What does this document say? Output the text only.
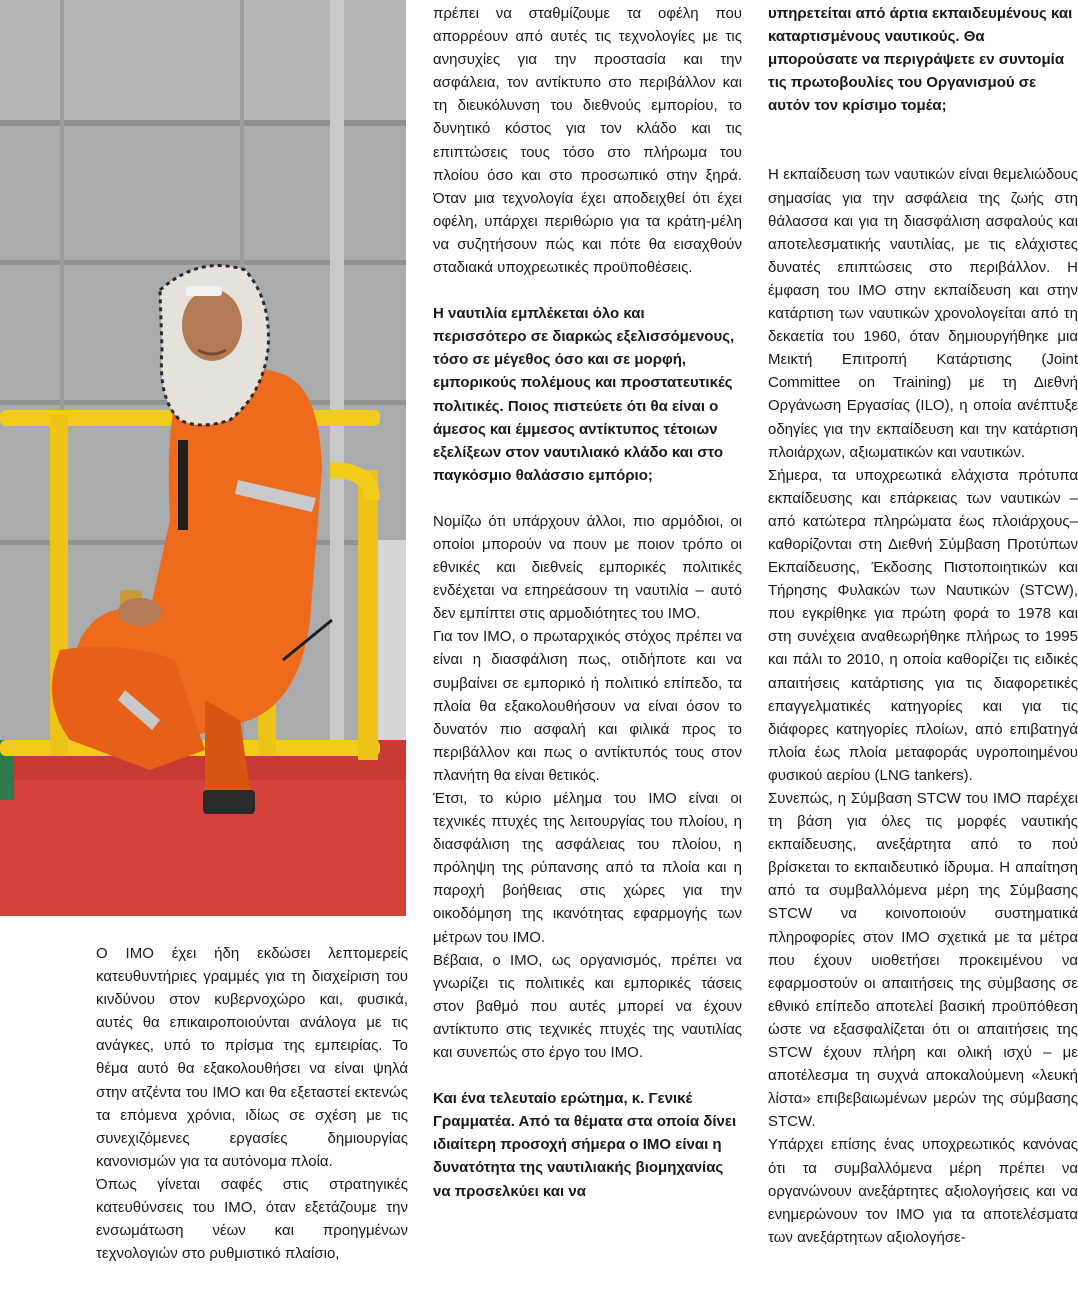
Ο IMO έχει ήδη εκδώσει λεπτομερείς κατευθυντήριες γραμμές για τη διαχείριση του κινδύνου στον κυβερνοχώρο και, φυσικά, αυτές θα επικαιροποιούνται ανάλογα με τις ανάγκες, υπό το πρίσμα της εμπειρίας. Το θέμα αυτό θα εξακολουθήσει να είναι ψηλά στην ατζέντα του IMO και θα εξεταστεί εκτενώς τα επόμενα χρόνια, ιδίως σε σχέση με τις συνεχιζόμενες εργασίες δημιουργίας κανονισμών για τα αυτόνομα πλοία.

Όπως γίνεται σαφές στις στρατηγικές κατευθύνσεις του IMO, όταν εξετάζουμε την ενσωμάτωση νέων και προηγμένων τεχνολογιών στο ρυθμιστικό πλαίσιο,

πρέπει να σταθμίζουμε τα οφέλη που απορρέουν από αυτές τις τεχνολογίες με τις ανησυχίες για την προστασία και την ασφάλεια, τον αντίκτυπο στο περιβάλλον και τη διευκόλυνση του διεθνούς εμπορίου, το δυνητικό κόστος για τον κλάδο και τις επιπτώσεις τους τόσο στο πλήρωμα του πλοίου όσο και στο προσωπικό στην ξηρά. Όταν μια τεχνολογία έχει αποδειχθεί ότι έχει οφέλη, υπάρχει περιθώριο για τα κράτη-μέλη να συζητήσουν πώς και πότε θα εισαχθούν σταδιακά υποχρεωτικές προϋποθέσεις.

Η ναυτιλία εμπλέκεται όλο και περισσότερο σε διαρκώς εξελισσόμενους, τόσο σε μέγεθος όσο και σε μορφή, εμπορικούς πολέμους και προστατευτικές πολιτικές. Ποιος πιστεύετε ότι θα είναι ο άμεσος και έμμεσος αντίκτυπος τέτοιων εξελίξεων στον ναυτιλιακό κλάδο και στο παγκόσμιο θαλάσσιο εμπόριο;

Νομίζω ότι υπάρχουν άλλοι, πιο αρμόδιοι, οι οποίοι μπορούν να πουν με ποιον τρόπο οι εθνικές και διεθνείς εμπορικές πολιτικές ενδέχεται να επηρεάσουν τη ναυτιλία – αυτό δεν εμπίπτει στις αρμοδιότητες του IMO.

Για τον IMO, ο πρωταρχικός στόχος πρέπει να είναι η διασφάλιση πως, οτιδήποτε και να συμβαίνει σε εμπορικό ή πολιτικό επίπεδο, τα πλοία θα εξακολουθήσουν να είναι όσον το δυνατόν πιο ασφαλή και φιλικά προς το περιβάλλον και πως ο αντίκτυπός τους στον πλανήτη θα είναι θετικός.

Έτσι, το κύριο μέλημα του IMO είναι οι τεχνικές πτυχές της λειτουργίας του πλοίου, η διασφάλιση της ασφάλειας του πλοίου, η πρόληψη της ρύπανσης από τα πλοία και η παροχή βοήθειας στις χώρες για την οικοδόμηση της ικανότητας εφαρμογής των μέτρων του IMO.

Βέβαια, ο IMO, ως οργανισμός, πρέπει να γνωρίζει τις πολιτικές και εμπορικές τάσεις στον βαθμό που αυτές μπορεί να έχουν αντίκτυπο στις τεχνικές πτυχές της ναυτιλίας και συνεπώς στο έργο του IMO.

Και ένα τελευταίο ερώτημα, κ. Γενικέ Γραμματέα. Από τα θέματα στα οποία δίνει ιδιαίτερη προσοχή σήμερα ο IMO είναι η δυνατότητα της ναυτιλιακής βιομηχανίας να προσελκύει και να

υπηρετείται από άρτια εκπαιδευμένους και καταρτισμένους ναυτικούς. Θα μπορούσατε να περιγράψετε εν συντομία τις πρωτοβουλίες του Οργανισμού σε αυτόν τον κρίσιμο τομέα;

Η εκπαίδευση των ναυτικών είναι θεμελιώδους σημασίας για την ασφάλεια της ζωής στη θάλασσα και για τη διασφάλιση ασφαλούς και αποτελεσματικής ναυτιλίας, με τις ελάχιστες δυνατές επιπτώσεις στο περιβάλλον. Η έμφαση του IMO στην εκπαίδευση και στην κατάρτιση των ναυτικών χρονολογείται από τη δεκαετία του 1960, όταν δημιουργήθηκε μια Μεικτή Επιτροπή Κατάρτισης (Joint Committee on Training) με τη Διεθνή Οργάνωση Εργασίας (ILO), η οποία ανέπτυξε οδηγίες για την εκπαίδευση και την κατάρτιση πλοιάρχων, αξιωματικών και ναυτικών.

Σήμερα, τα υποχρεωτικά ελάχιστα πρότυπα εκπαίδευσης και επάρκειας των ναυτικών –από κατώτερα πληρώματα έως πλοιάρχους– καθορίζονται στη Διεθνή Σύμβαση Προτύπων Εκπαίδευσης, Έκδοσης Πιστοποιητικών και Τήρησης Φυλακών των Ναυτικών (STCW), που εγκρίθηκε για πρώτη φορά το 1978 και στη συνέχεια αναθεωρήθηκε πλήρως το 1995 και πάλι το 2010, η οποία καθορίζει τις ειδικές απαιτήσεις κατάρτισης για τις διαφορετικές επαγγελματικές κατηγορίες και για τις διάφορες κατηγορίες πλοίων, από επιβατηγά πλοία έως πλοία μεταφοράς υγροποιημένου φυσικού αερίου (LNG tankers).

Συνεπώς, η Σύμβαση STCW του IMO παρέχει τη βάση για όλες τις μορφές ναυτικής εκπαίδευσης, ανεξάρτητα από το πού βρίσκεται το εκπαιδευτικό ίδρυμα. Η απαίτηση από τα συμβαλλόμενα μέρη της Σύμβασης STCW να κοινοποιούν συστηματικά πληροφορίες στον IMO σχετικά με τα μέτρα που έχουν υιοθετήσει προκειμένου να εφαρμοστούν οι απαιτήσεις της σύμβασης σε εθνικό επίπεδο αποτελεί βασική προϋπόθεση ώστε να εξασφαλίζεται ότι οι απαιτήσεις της STCW έχουν πλήρη και ολική ισχύ – με αποτέλεσμα τη συχνά αποκαλούμενη «λευκή λίστα» επιβεβαιωμένων μερών της σύμβασης STCW.

Υπάρχει επίσης ένας υποχρεωτικός κανόνας ότι τα συμβαλλόμενα μέρη πρέπει να οργανώνουν ανεξάρτητες αξιολογήσεις και να ενημερώνουν τον IMO για τα αποτελέσματα των ανεξάρτητων αξιολογήσε-
